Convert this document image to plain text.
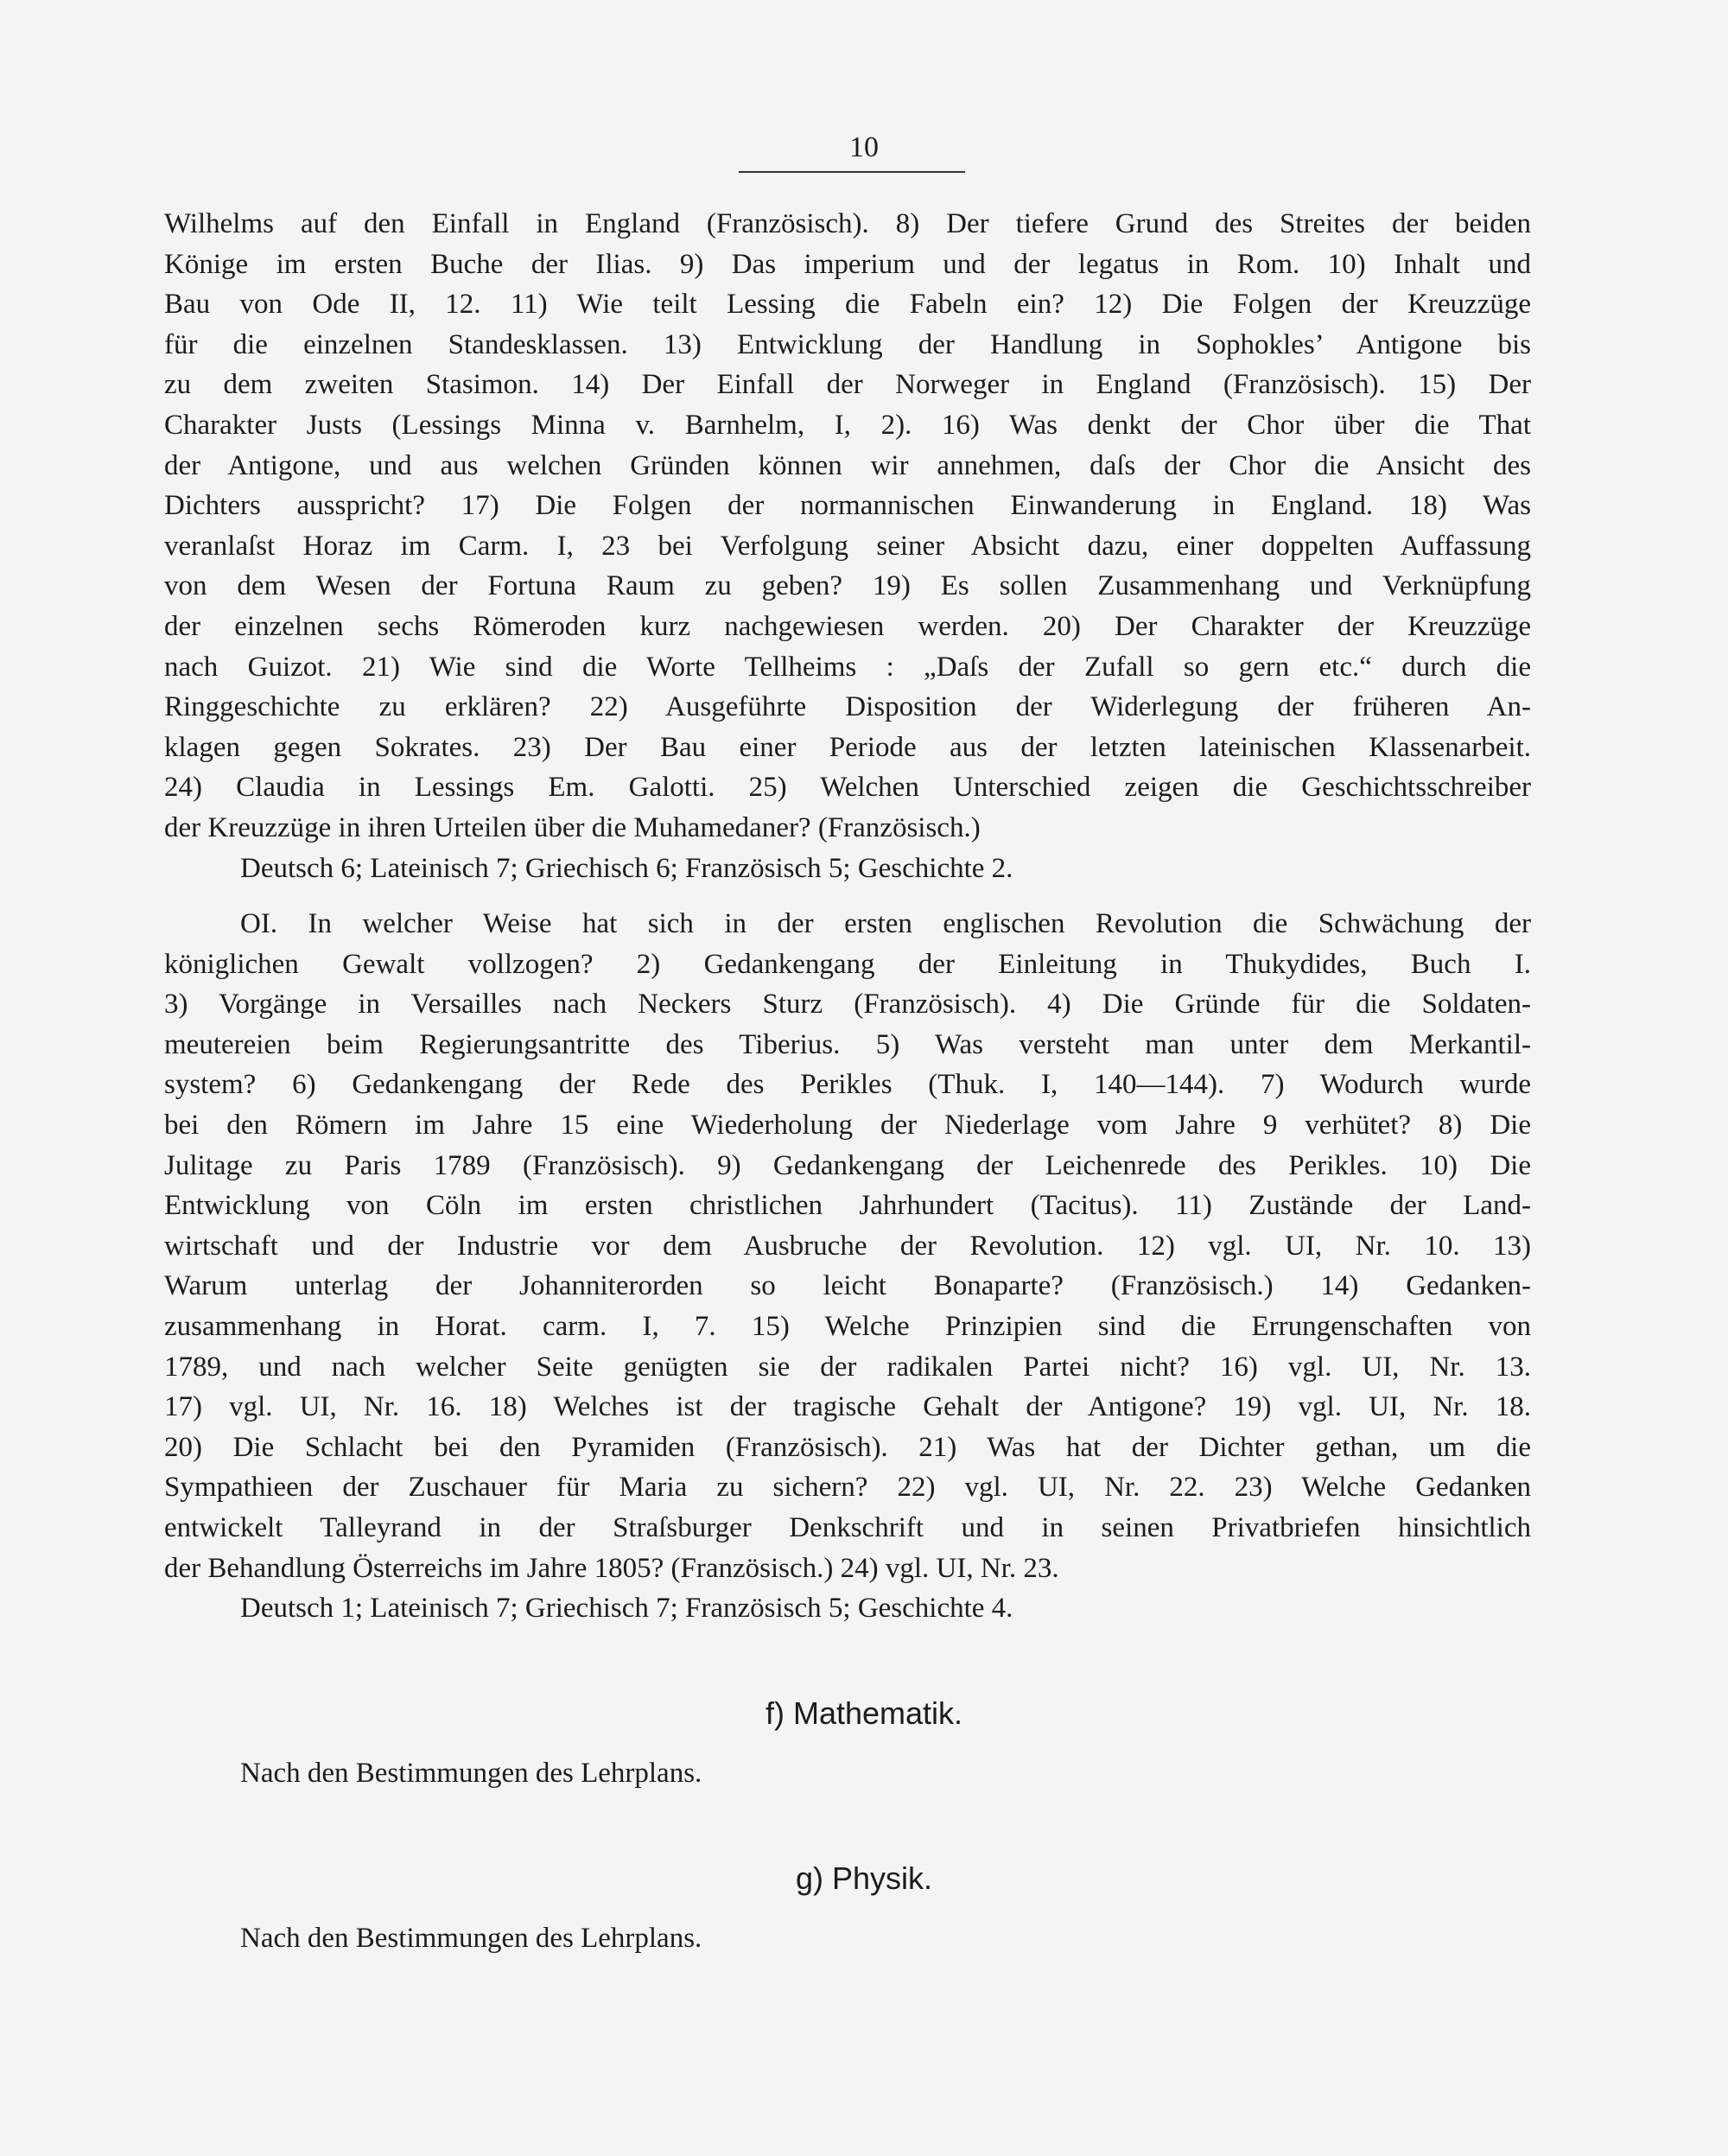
10
Wilhelms auf den Einfall in England (Französisch). 8) Der tiefere Grund des Streites der beiden
Könige im ersten Buche der Ilias. 9) Das imperium und der legatus in Rom. 10) Inhalt und
Bau von Ode II, 12. 11) Wie teilt Lessing die Fabeln ein? 12) Die Folgen der Kreuzzüge
für die einzelnen Standesklassen. 13) Entwicklung der Handlung in Sophokles’ Antigone bis
zu dem zweiten Stasimon. 14) Der Einfall der Norweger in England (Französisch). 15) Der
Charakter Justs (Lessings Minna v. Barnhelm, I, 2). 16) Was denkt der Chor über die That
der Antigone, und aus welchen Gründen können wir annehmen, daſs der Chor die Ansicht des
Dichters ausspricht? 17) Die Folgen der normannischen Einwanderung in England. 18) Was
veranlaſst Horaz im Carm. I, 23 bei Verfolgung seiner Absicht dazu, einer doppelten Auffassung
von dem Wesen der Fortuna Raum zu geben? 19) Es sollen Zusammenhang und Verknüpfung
der einzelnen sechs Römeroden kurz nachgewiesen werden. 20) Der Charakter der Kreuzzüge
nach Guizot. 21) Wie sind die Worte Tellheims : „Daſs der Zufall so gern etc.“ durch die
Ringgeschichte zu erklären? 22) Ausgeführte Disposition der Widerlegung der früheren An-
klagen gegen Sokrates. 23) Der Bau einer Periode aus der letzten lateinischen Klassenarbeit.
24) Claudia in Lessings Em. Galotti. 25) Welchen Unterschied zeigen die Geschichtsschreiber
der Kreuzzüge in ihren Urteilen über die Muhamedaner? (Französisch.)
Deutsch 6; Lateinisch 7; Griechisch 6; Französisch 5; Geschichte 2.
OI. In welcher Weise hat sich in der ersten englischen Revolution die Schwächung der
königlichen Gewalt vollzogen? 2) Gedankengang der Einleitung in Thukydides, Buch I.
3) Vorgänge in Versailles nach Neckers Sturz (Französisch). 4) Die Gründe für die Soldaten-
meutereien beim Regierungsantritte des Tiberius. 5) Was versteht man unter dem Merkantil-
system? 6) Gedankengang der Rede des Perikles (Thuk. I, 140—144). 7) Wodurch wurde
bei den Römern im Jahre 15 eine Wiederholung der Niederlage vom Jahre 9 verhütet? 8) Die
Julitage zu Paris 1789 (Französisch). 9) Gedankengang der Leichenrede des Perikles. 10) Die
Entwicklung von Cöln im ersten christlichen Jahrhundert (Tacitus). 11) Zustände der Land-
wirtschaft und der Industrie vor dem Ausbruche der Revolution. 12) vgl. UI, Nr. 10. 13)
Warum unterlag der Johanniterorden so leicht Bonaparte? (Französisch.) 14) Gedanken-
zusammenhang in Horat. carm. I, 7. 15) Welche Prinzipien sind die Errungenschaften von
1789, und nach welcher Seite genügten sie der radikalen Partei nicht? 16) vgl. UI, Nr. 13.
17) vgl. UI, Nr. 16. 18) Welches ist der tragische Gehalt der Antigone? 19) vgl. UI, Nr. 18.
20) Die Schlacht bei den Pyramiden (Französisch). 21) Was hat der Dichter gethan, um die
Sympathieen der Zuschauer für Maria zu sichern? 22) vgl. UI, Nr. 22. 23) Welche Gedanken
entwickelt Talleyrand in der Straſsburger Denkschrift und in seinen Privatbriefen hinsichtlich
der Behandlung Österreichs im Jahre 1805? (Französisch.) 24) vgl. UI, Nr. 23.
Deutsch 1; Lateinisch 7; Griechisch 7; Französisch 5; Geschichte 4.
f) Mathematik.
Nach den Bestimmungen des Lehrplans.
g) Physik.
Nach den Bestimmungen des Lehrplans.
